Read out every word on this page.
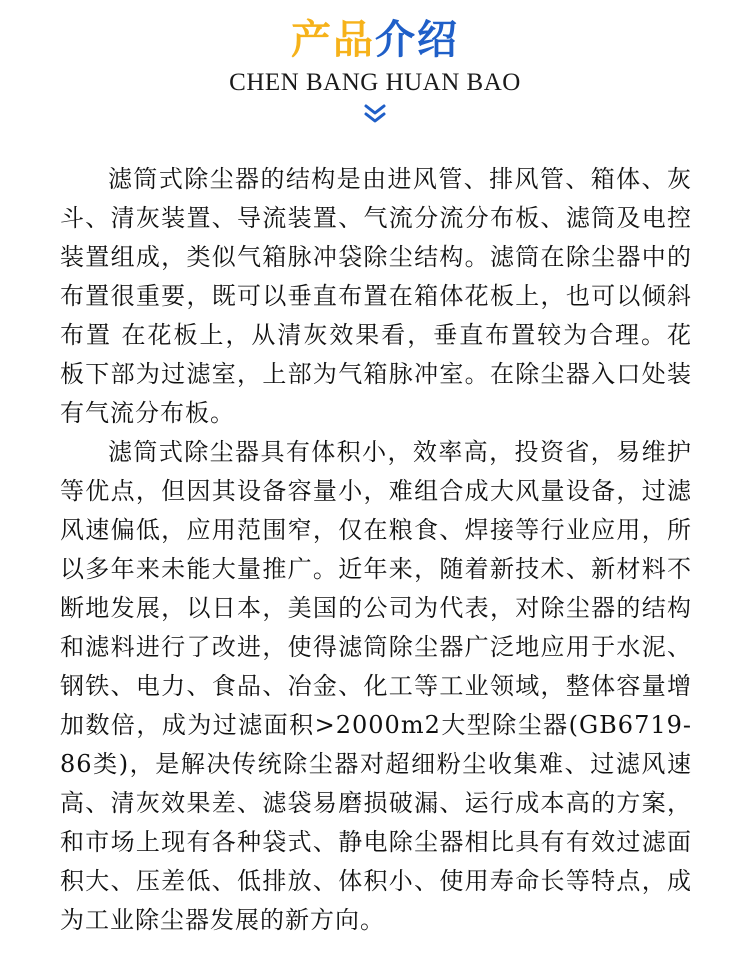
产品介绍
CHEN BANG HUAN BAO

滤筒式除尘器的结构是由进风管、排风管、箱体、灰斗、清灰装置、导流装置、气流分流分布板、滤筒及电控装置组成，类似气箱脉冲袋除尘结构。滤筒在除尘器中的布置很重要，既可以垂直布置在箱体花板上，也可以倾斜布置 在花板上，从清灰效果看，垂直布置较为合理。花板下部为过滤室，上部为气箱脉冲室。在除尘器入口处装有气流分布板。

滤筒式除尘器具有体积小，效率高，投资省，易维护等优点，但因其设备容量小，难组合成大风量设备，过滤风速偏低，应用范围窄，仅在粮食、焊接等行业应用，所以多年来未能大量推广。近年来，随着新技术、新材料不断地发展，以日本，美国的公司为代表，对除尘器的结构和滤料进行了改进，使得滤筒除尘器广泛地应用于水泥、钢铁、电力、食品、冶金、化工等工业领域，整体容量增加数倍，成为过滤面积>2000m2大型除尘器(GB6719-86类)，是解决传统除尘器对超细粉尘收集难、过滤风速高、清灰效果差、滤袋易磨损破漏、运行成本高的方案，和市场上现有各种袋式、静电除尘器相比具有有效过滤面积大、压差低、低排放、体积小、使用寿命长等特点，成为工业除尘器发展的新方向。
